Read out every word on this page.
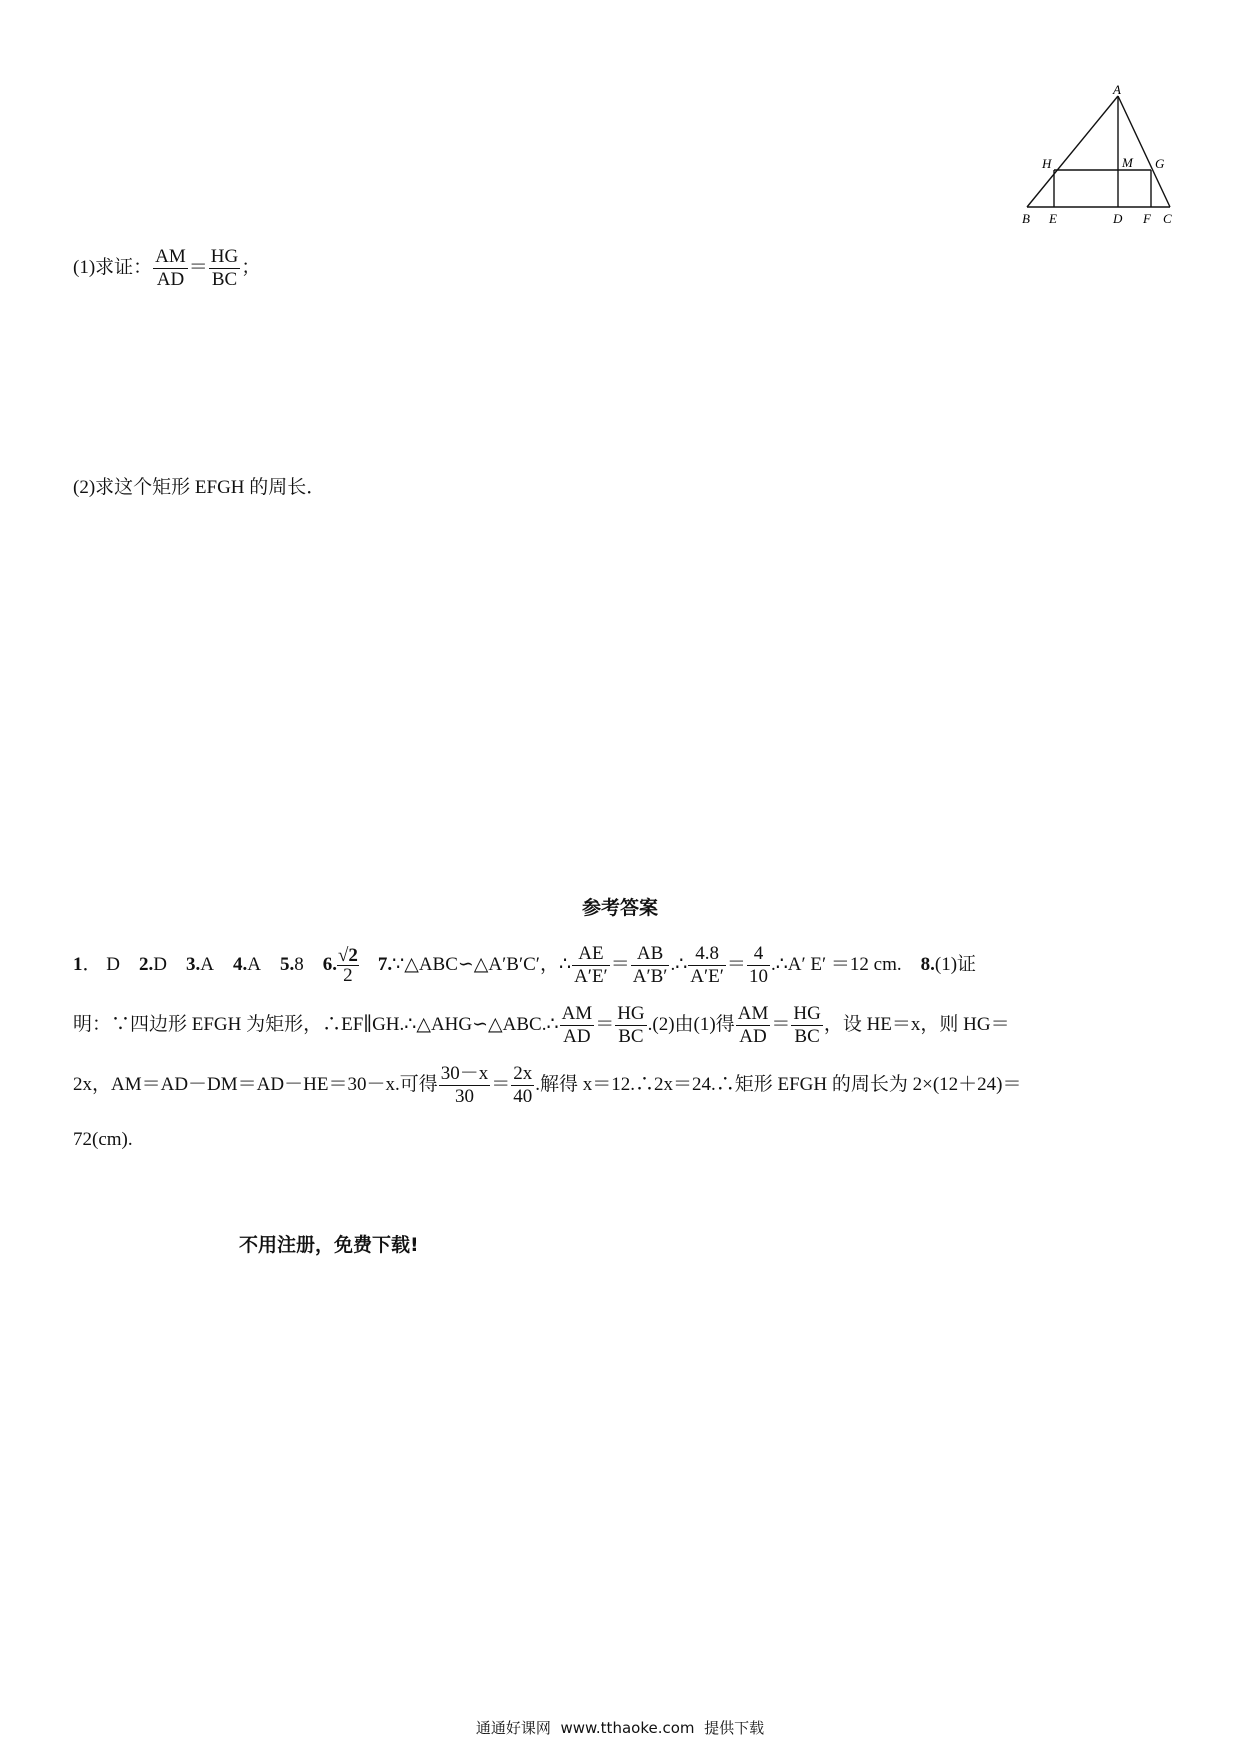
A
H	M G
B E	D F C
(1)求证： $\frac{AM}{AD} = \frac{HG}{BC}$ ；
(2)求这个矩形 EFGH 的周长．
参考答案
1． D 2.D 3.A 4.A 5.8 6. $\frac{√2}{2}$ 7.∵△ABC∽△A′B′C′，∴ $\frac{AE}{A'E'} = \frac{AB}{A'B'}$ .∴ $\frac{4.8}{A'E'} = \frac{4}{10}$ .∴A′ E′ ＝12 cm. 8.(1)证
明：∵四边形 EFGH 为矩形，∴EF∥GH.∴△AHG∽△ABC.∴ $\frac{AM}{AD} = \frac{HG}{BC} .(2)$由(1)得 $\frac{AM}{AD} = \frac{HG}{BC}$ ，设 HE＝x，则 HG＝
2x，AM＝AD－DM＝AD－HE＝30－x.可得 $\frac{30-x}{30} = \frac{2x}{40}$ .解得 x＝12.∴2x＝24.∴矩形 EFGH 的周长为 2×(12＋24)＝
72(cm).
不用注册，免费下载!
通通好课网 www.tthaoke.com 提供下载
